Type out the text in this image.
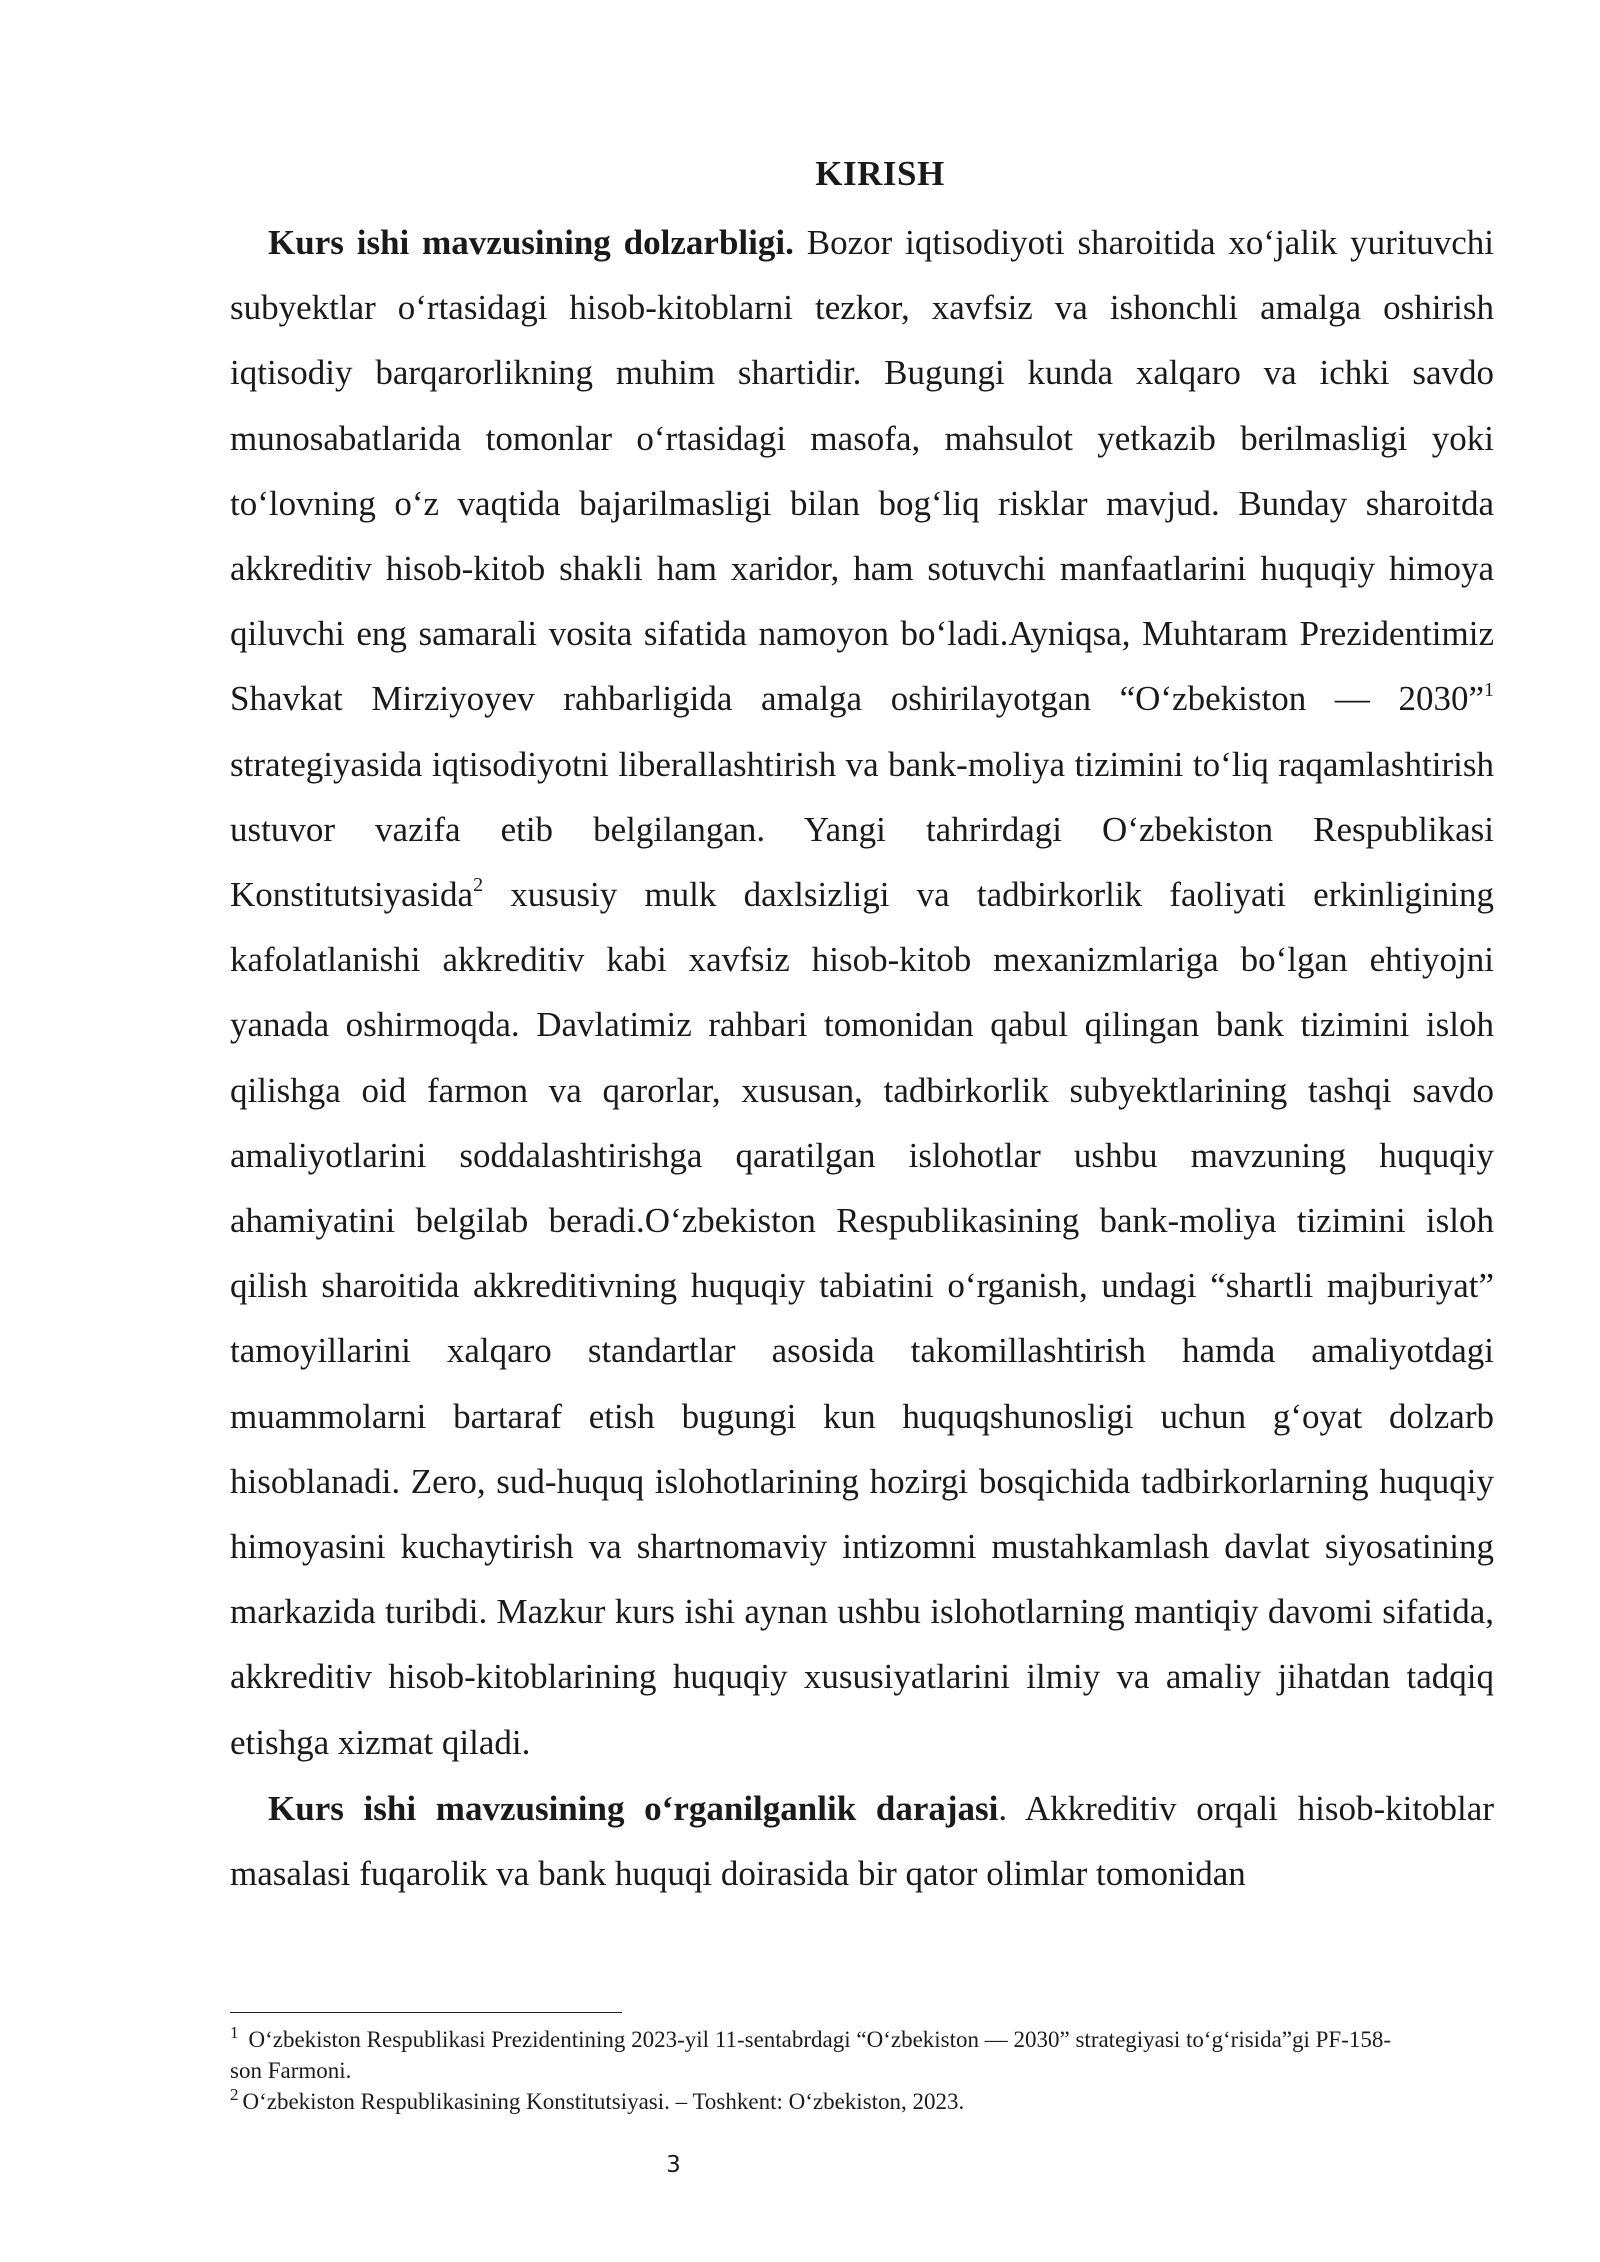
KIRISH

Kurs ishi mavzusining dolzarbligi. Bozor iqtisodiyoti sharoitida xo‘jalik yurituvchi subyektlar o‘rtasidagi hisob-kitoblarni tezkor, xavfsiz va ishonchli amalga oshirish iqtisodiy barqarorlikning muhim shartidir. Bugungi kunda xalqaro va ichki savdo munosabatlarida tomonlar o‘rtasidagi masofa, mahsulot yetkazib berilmasligi yoki to‘lovning o‘z vaqtida bajarilmasligi bilan bog‘liq risklar mavjud. Bunday sharoitda akkreditiv hisob-kitob shakli ham xaridor, ham sotuvchi manfaatlarini huquqiy himoya qiluvchi eng samarali vosita sifatida namoyon bo‘ladi.Ayniqsa, Muhtaram Prezidentimiz Shavkat Mirziyoyev rahbarligida amalga oshirilayotgan “O‘zbekiston — 2030”$^1$ strategiyasida iqtisodiyotni liberallashtirish va bank-moliya tizimini to‘liq raqamlashtirish ustuvor vazifa etib belgilangan. Yangi tahrirdagi O‘zbekiston Respublikasi Konstitutsiyasida$^2$ xususiy mulk daxlsizligi va tadbirkorlik faoliyati erkinligining kafolatlanishi akkreditiv kabi xavfsiz hisob-kitob mexanizmlariga bo‘lgan ehtiyojni yanada oshirmoqda. Davlatimiz rahbari tomonidan qabul qilingan bank tizimini isloh qilishga oid farmon va qarorlar, xususan, tadbirkorlik subyektlarining tashqi savdo amaliyotlarini soddalashtirishga qaratilgan islohotlar ushbu mavzuning huquqiy ahamiyatini belgilab beradi.O‘zbekiston Respublikasining bank-moliya tizimini isloh qilish sharoitida akkreditivning huquqiy tabiatini o‘rganish, undagi “shartli majburiyat” tamoyillarini xalqaro standartlar asosida takomillashtirish hamda amaliyotdagi muammolarni bartaraf etish bugungi kun huquqshunosligi uchun g‘oyat dolzarb hisoblanadi. Zero, sud-huquq islohotlarining hozirgi bosqichida tadbirkorlarning huquqiy himoyasini kuchaytirish va shartnomaviy intizomni mustahkamlash davlat siyosatining markazida turibdi. Mazkur kurs ishi aynan ushbu islohotlarning mantiqiy davomi sifatida, akkreditiv hisob-kitoblarining huquqiy xususiyatlarini ilmiy va amaliy jihatdan tadqiq etishga xizmat qiladi.

Kurs ishi mavzusining o‘rganilganlik darajasi. Akkreditiv orqali hisob-kitoblar masalasi fuqarolik va bank huquqi doirasida bir qator olimlar tomonidan

$^1$ O‘zbekiston Respublikasi Prezidentining 2023-yil 11-sentabrdagi “O‘zbekiston — 2030” strategiyasi to‘g‘risida”gi PF-158-son Farmoni.
$^2$ O‘zbekiston Respublikasining Konstitutsiyasi. – Toshkent: O‘zbekiston, 2023.
3
